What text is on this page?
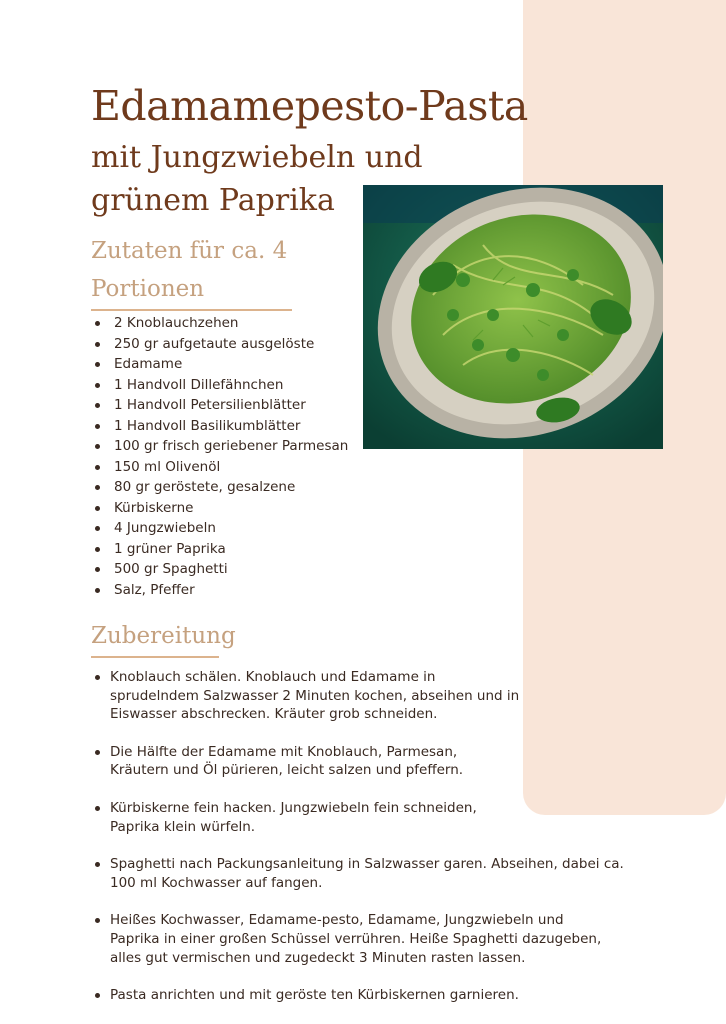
Edamamepesto-Pasta
mit Jungzwiebeln und grünem Paprika
Zutaten für ca. 4 Portionen
2 Knoblauchzehen
250 gr aufgetaute ausgelöste
Edamame
1 Handvoll Dillefähnchen
1 Handvoll Petersilienblätter
1 Handvoll Basilikumblätter
100 gr frisch geriebener Parmesan
150 ml Olivenöl
80 gr geröstete, gesalzene
Kürbiskerne
4 Jungzwiebeln
1 grüner Paprika
500 gr Spaghetti
Salz, Pfeffer
Zubereitung
Knoblauch schälen. Knoblauch und Edamame in sprudelndem Salzwasser 2 Minuten kochen, abseihen und in Eiswasser abschrecken. Kräuter grob schneiden.
Die Hälfte der Edamame mit Knoblauch, Parmesan, Kräutern und Öl pürieren, leicht salzen und pfeffern.
Kürbiskerne fein hacken. Jungzwiebeln fein schneiden, Paprika klein würfeln.
Spaghetti nach Packungsanleitung in Salzwasser garen. Abseihen, dabei ca. 100 ml Kochwasser auf fangen.
Heißes Kochwasser, Edamame-pesto, Edamame, Jungzwiebeln und Paprika in einer großen Schüssel verrühren. Heiße Spaghetti dazugeben, alles gut vermischen und zugedeckt 3 Minuten rasten lassen.
Pasta anrichten und mit geröste ten Kürbiskernen garnieren.
